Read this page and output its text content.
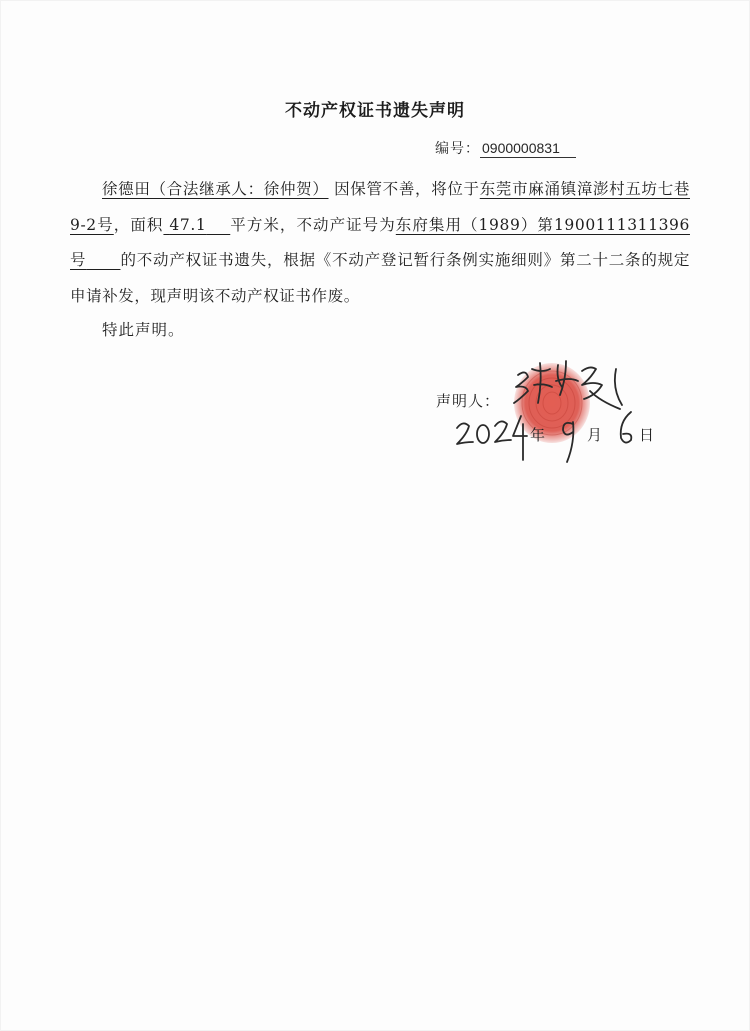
不动产权证书遗失声明
编号： 0900000831
徐德田（合法继承人：徐仲贺） 因保管不善，将位于东莞市麻涌镇漳澎村五坊七巷9-2号，面积 47.1 平方米，不动产证号为东府集用（1989）第1900111311396号 的不动产权证书遗失，根据《不动产登记暂行条例实施细则》第二十二条的规定申请补发，现声明该不动产权证书作废。
特此声明。
声明人：
年	月 日
